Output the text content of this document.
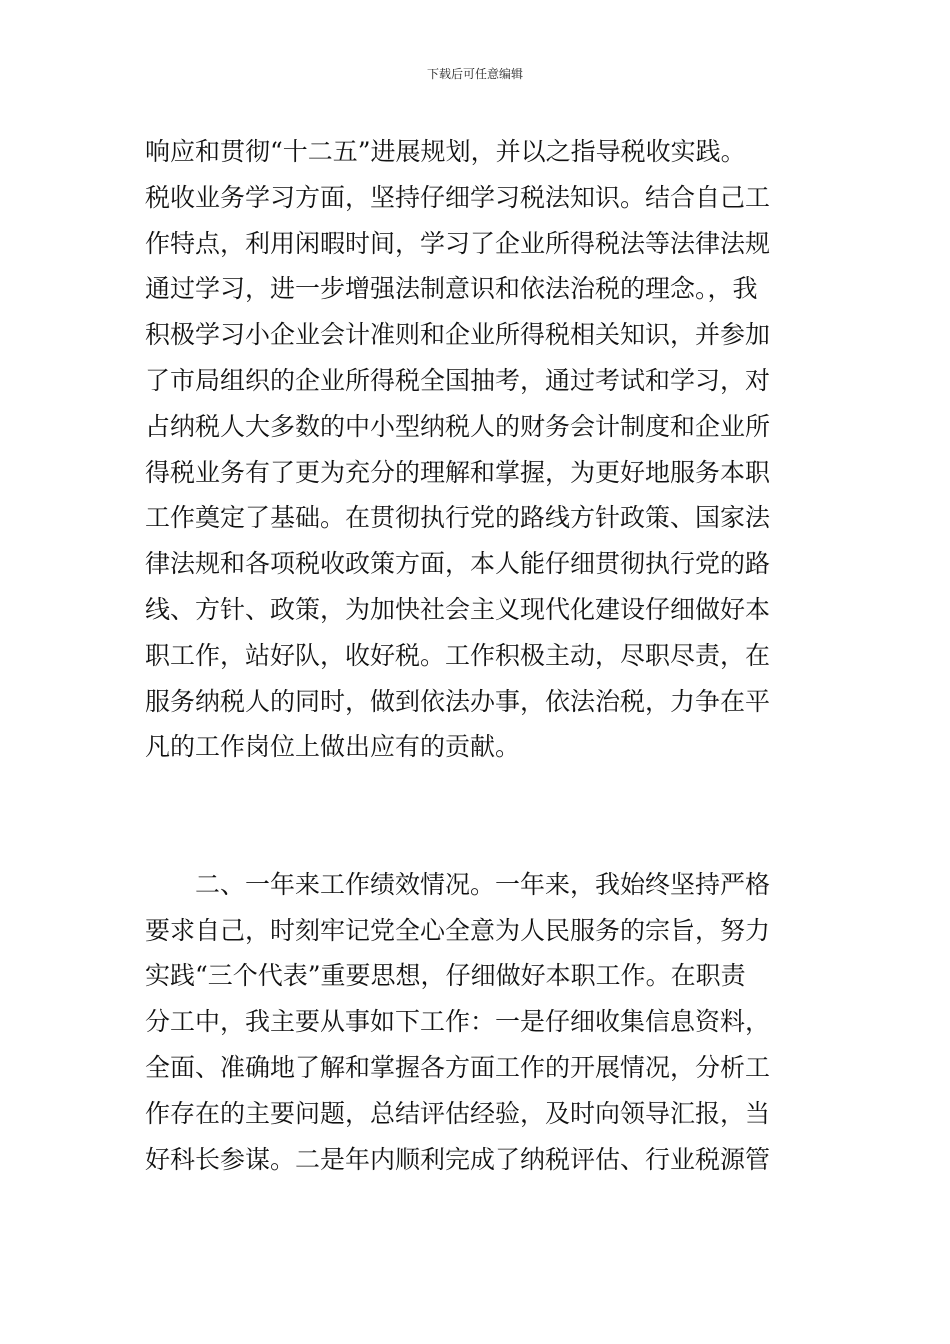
下载后可任意编辑
响应和贯彻“十二五”进展规划，并以之指导税收实践。
税收业务学习方面，坚持仔细学习税法知识。结合自己工
作特点，利用闲暇时间，学习了企业所得税法等法律法规
通过学习，进一步增强法制意识和依法治税的理念。，我
积极学习小企业会计准则和企业所得税相关知识，并参加
了市局组织的企业所得税全国抽考，通过考试和学习，对
占纳税人大多数的中小型纳税人的财务会计制度和企业所
得税业务有了更为充分的理解和掌握，为更好地服务本职
工作奠定了基础。在贯彻执行党的路线方针政策、国家法
律法规和各项税收政策方面，本人能仔细贯彻执行党的路
线、方针、政策，为加快社会主义现代化建设仔细做好本
职工作，站好队，收好税。工作积极主动，尽职尽责，在
服务纳税人的同时，做到依法办事，依法治税，力争在平
凡的工作岗位上做出应有的贡献。
　　二、一年来工作绩效情况。一年来，我始终坚持严格
要求自己，时刻牢记党全心全意为人民服务的宗旨，努力
实践“三个代表”重要思想，仔细做好本职工作。在职责
分工中，我主要从事如下工作：一是仔细收集信息资料，
全面、准确地了解和掌握各方面工作的开展情况，分析工
作存在的主要问题，总结评估经验，及时向领导汇报，当
好科长参谋。二是年内顺利完成了纳税评估、行业税源管
